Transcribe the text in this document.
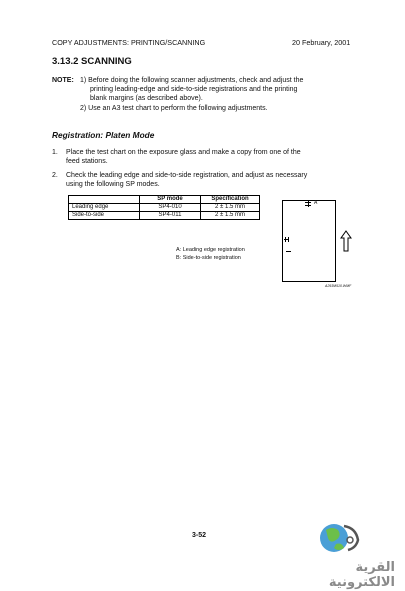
COPY ADJUSTMENTS: PRINTING/SCANNING	20 February, 2001
3.13.2 SCANNING
NOTE: 1) Before doing the following scanner adjustments, check and adjust the
printing leading-edge and side-to-side registrations and the printing
blank margins (as described above).
2) Use an A3 test chart to perform the following adjustments.
Registration: Platen Mode
1. Place the test chart on the exposure glass and make a copy from one of the
feed stations.
2. Check the leading edge and side-to-side registration, and adjust as necessary
using the following SP modes.
	SP mode	Specification
Leading edge	SP4-010	2 ± 1.5 mm
Side-to-side	SP4-011	2 ± 1.5 mm
A: Leading edge registration
B: Side-to-side registration
A
A293M510.WMF
3-52
القرية الالكترونية
